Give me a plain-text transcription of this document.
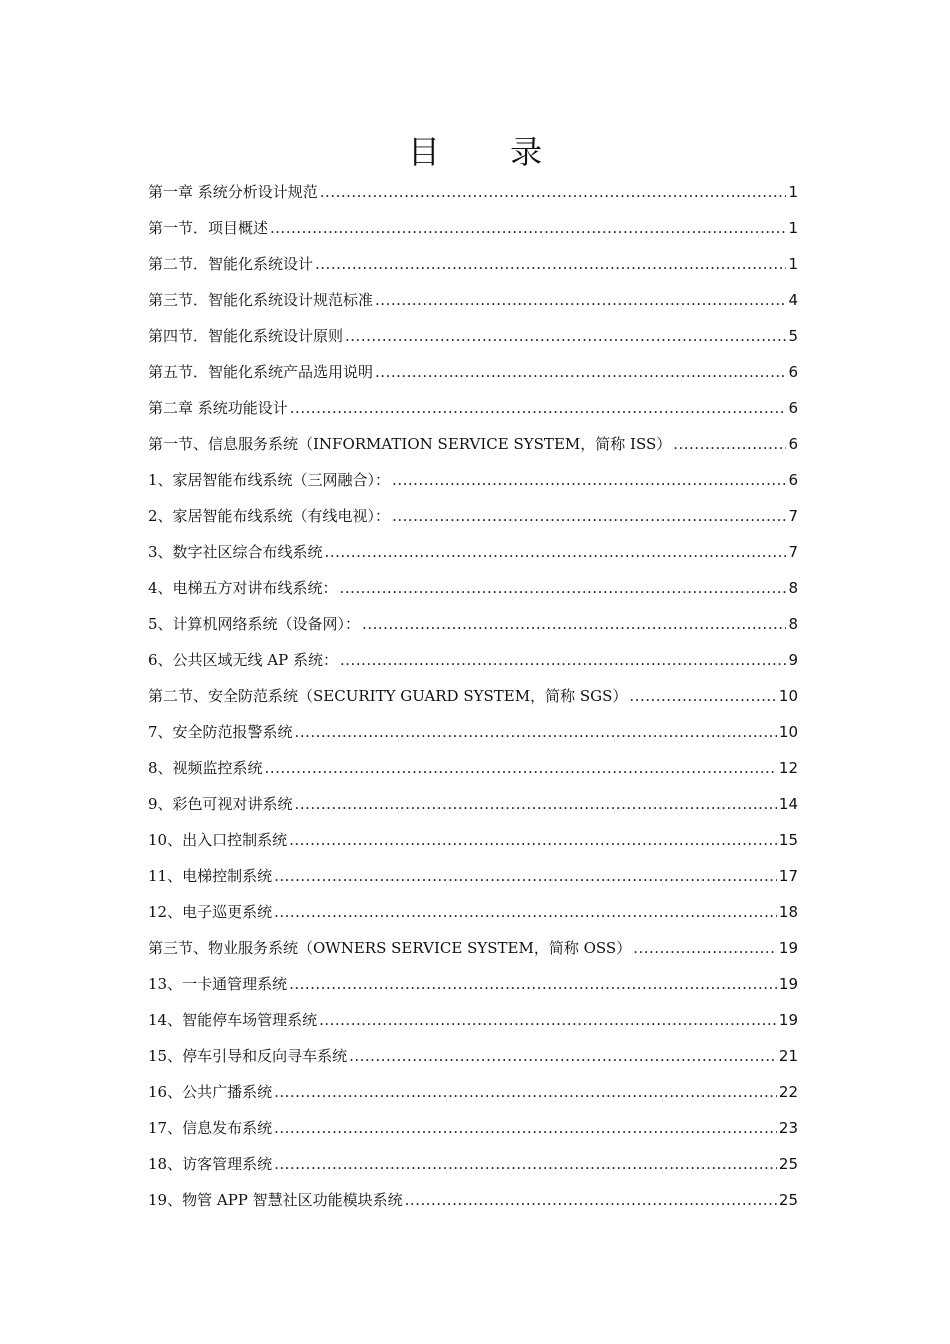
目 录
第一章 系统分析设计规范 .....	1
第一节．项目概述 .....	1
第二节．智能化系统设计 .....	1
第三节．智能化系统设计规范标准 .....	4
第四节．智能化系统设计原则 .....	5
第五节．智能化系统产品选用说明 .....	6
第二章 系统功能设计 .....	6
第一节、信息服务系统（INFORMATION SERVICE SYSTEM，简称 ISS） .....	6
1、家居智能布线系统（三网融合）： .....	6
2、家居智能布线系统（有线电视）： .....	7
3、数字社区综合布线系统 .....	7
4、电梯五方对讲布线系统： .....	8
5、计算机网络系统（设备网）： .....	8
6、公共区域无线 AP 系统： .....	9
第二节、安全防范系统（SECURITY GUARD SYSTEM，简称 SGS） .....	10
7、安全防范报警系统 .....	10
8、视频监控系统 .....	12
9、彩色可视对讲系统 .....	14
10、出入口控制系统 .....	15
11、电梯控制系统 .....	17
12、电子巡更系统 .....	18
第三节、物业服务系统（OWNERS SERVICE SYSTEM，简称 OSS） .....	19
13、一卡通管理系统 .....	19
14、智能停车场管理系统 .....	19
15、停车引导和反向寻车系统 .....	21
16、公共广播系统 .....	22
17、信息发布系统 .....	23
18、访客管理系统 .....	25
19、物管 APP 智慧社区功能模块系统 .....	25
